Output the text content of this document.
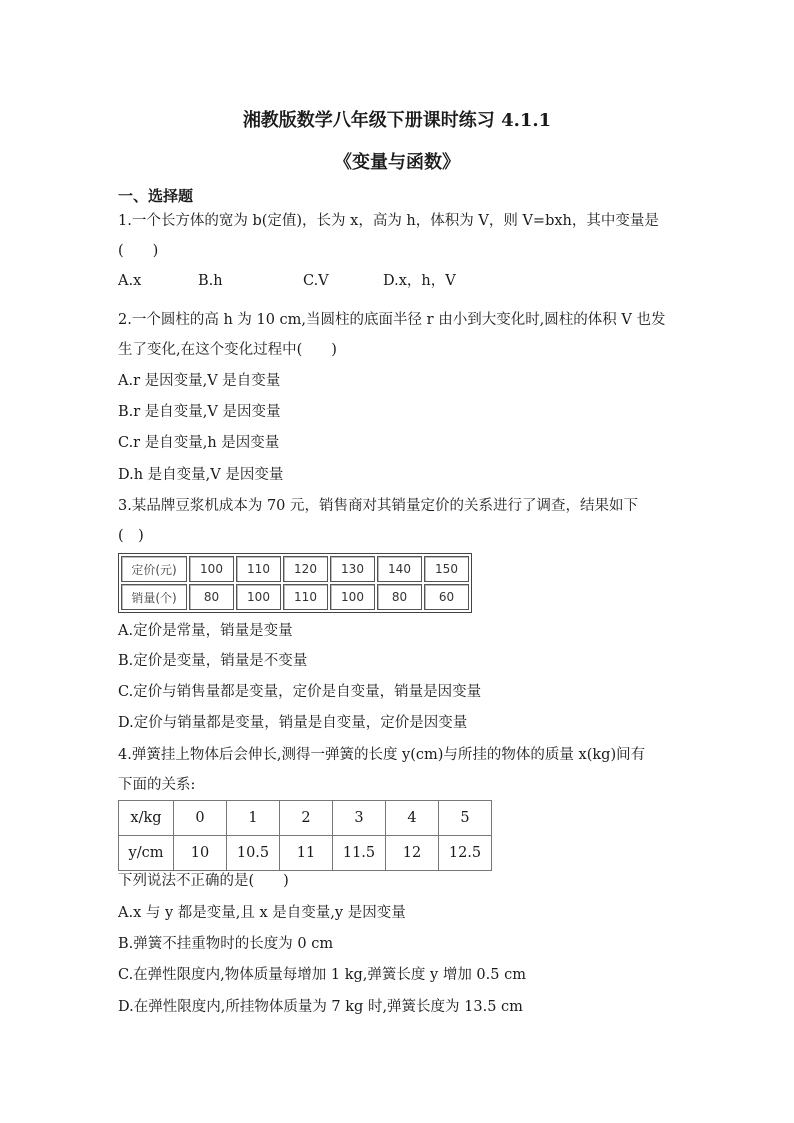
湘教版数学八年级下册课时练习 4.1.1
《变量与函数》
一、选择题
1.一个长方体的宽为 b(定值)，长为 x，高为 h，体积为 V，则 V=bxh，其中变量是
(　　)
A.x	B.h	C.V	D.x，h，V
2.一个圆柱的高 h 为 10 cm,当圆柱的底面半径 r 由小到大变化时,圆柱的体积 V 也发
生了变化,在这个变化过程中(　　)
A.r 是因变量,V 是自变量
B.r 是自变量,V 是因变量
C.r 是自变量,h 是因变量
D.h 是自变量,V 是因变量
3.某品牌豆浆机成本为 70 元，销售商对其销量定价的关系进行了调查，结果如下
(　)
定价(元)	100	110	120	130	140	150
销量(个)	80	100	110	100	80	60
A.定价是常量，销量是变量
B.定价是变量，销量是不变量
C.定价与销售量都是变量，定价是自变量，销量是因变量
D.定价与销量都是变量，销量是自变量，定价是因变量
4.弹簧挂上物体后会伸长,测得一弹簧的长度 y(cm)与所挂的物体的质量 x(kg)间有
下面的关系:
x/kg	0	1	2	3	4	5
y/cm	10	10.5	11	11.5	12	12.5
下列说法不正确的是(　　)
A.x 与 y 都是变量,且 x 是自变量,y 是因变量
B.弹簧不挂重物时的长度为 0 cm
C.在弹性限度内,物体质量每增加 1 kg,弹簧长度 y 增加 0.5 cm
D.在弹性限度内,所挂物体质量为 7 kg 时,弹簧长度为 13.5 cm
